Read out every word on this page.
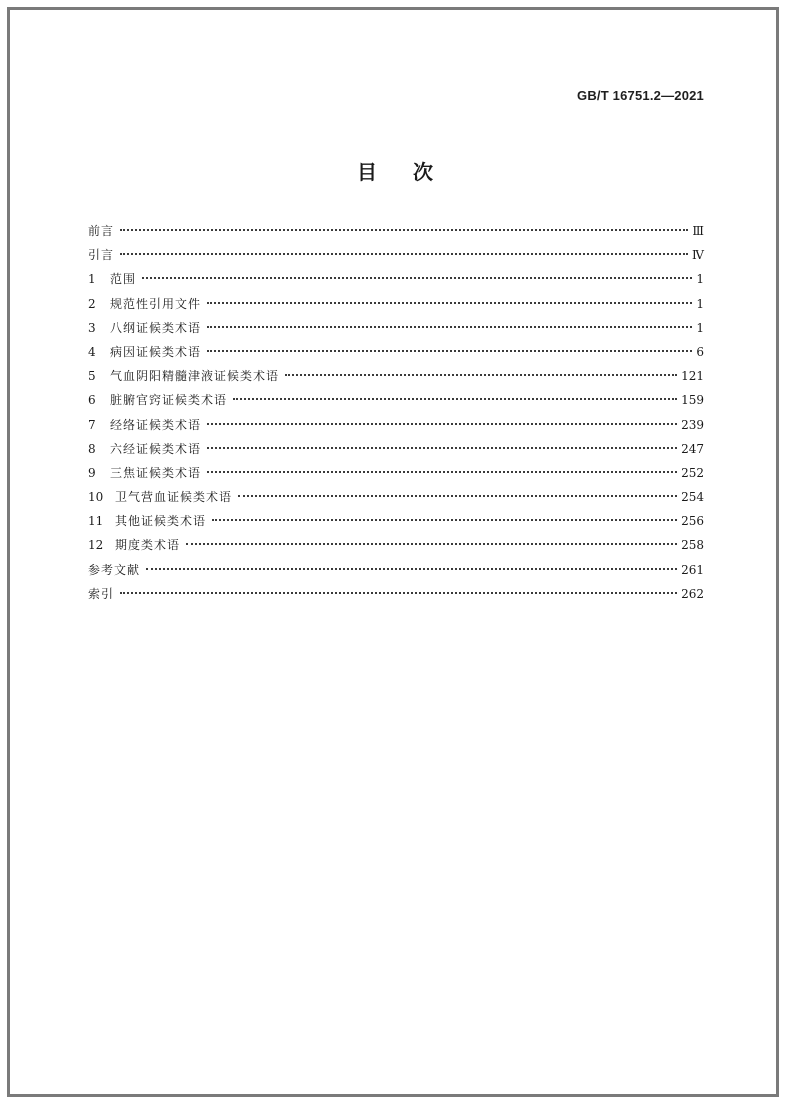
GB/T 16751.2—2021
目次
前言	Ⅲ
引言	Ⅳ
1	范围	1
2	规范性引用文件	1
3	八纲证候类术语	1
4	病因证候类术语	6
5	气血阴阳精髓津液证候类术语	121
6	脏腑官窍证候类术语	159
7	经络证候类术语	239
8	六经证候类术语	247
9	三焦证候类术语	252
10 卫气营血证候类术语	254
11 其他证候类术语	256
12 期度类术语	258
参考文献	261
索引	262
